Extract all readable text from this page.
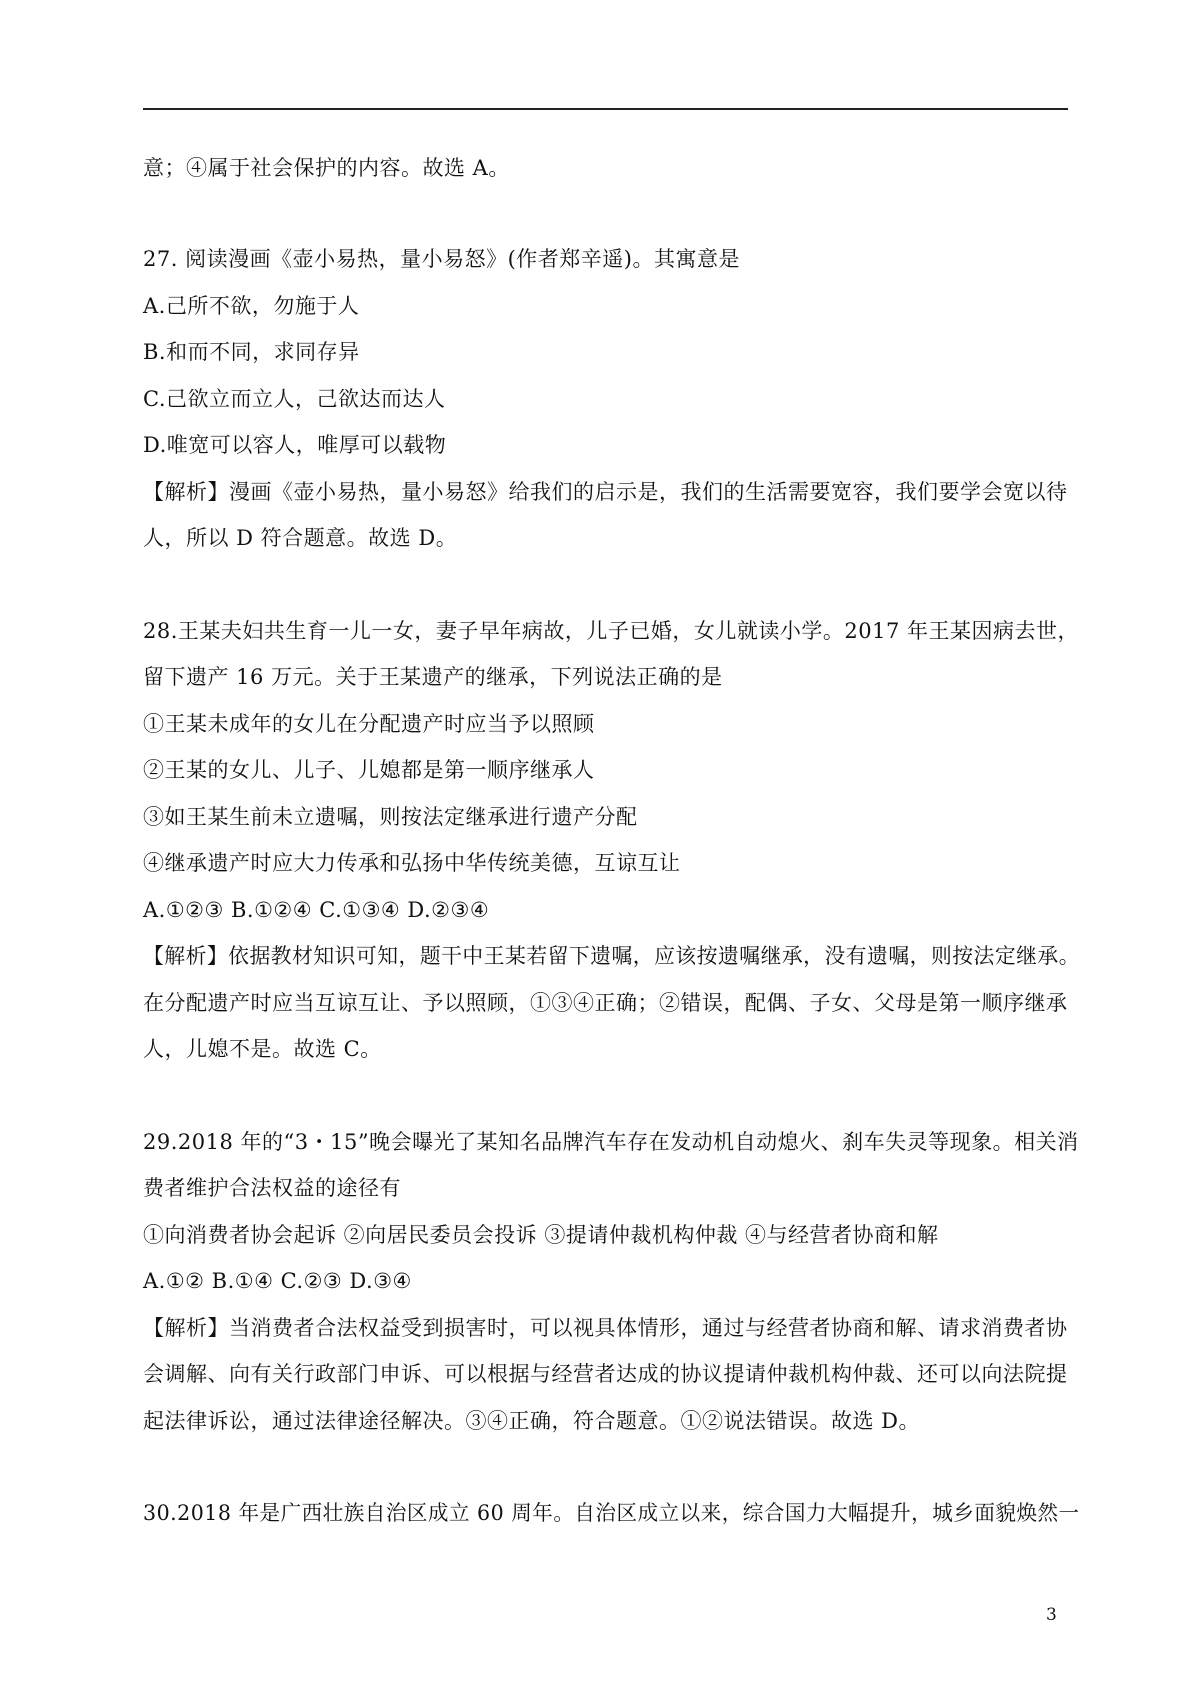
意；④属于社会保护的内容。故选 A。
27. 阅读漫画《壶小易热，量小易怒》(作者郑辛遥)。其寓意是
A.己所不欲，勿施于人
B.和而不同，求同存异
C.己欲立而立人，己欲达而达人
D.唯宽可以容人，唯厚可以载物
【解析】漫画《壶小易热，量小易怒》给我们的启示是，我们的生活需要宽容，我们要学会宽以待
人，所以 D 符合题意。故选 D。
28.王某夫妇共生育一儿一女，妻子早年病故，儿子已婚，女儿就读小学。2017 年王某因病去世，
留下遗产 16 万元。关于王某遗产的继承，下列说法正确的是
①王某未成年的女儿在分配遗产时应当予以照顾
②王某的女儿、儿子、儿媳都是第一顺序继承人
③如王某生前未立遗嘱，则按法定继承进行遗产分配
④继承遗产时应大力传承和弘扬中华传统美德，互谅互让
A.①②③ B.①②④ C.①③④ D.②③④
【解析】依据教材知识可知，题干中王某若留下遗嘱，应该按遗嘱继承，没有遗嘱，则按法定继承。
在分配遗产时应当互谅互让、予以照顾，①③④正确；②错误，配偶、子女、父母是第一顺序继承
人，儿媳不是。故选 C。
29.2018 年的“3・15”晚会曝光了某知名品牌汽车存在发动机自动熄火、刹车失灵等现象。相关消
费者维护合法权益的途径有
①向消费者协会起诉 ②向居民委员会投诉 ③提请仲裁机构仲裁 ④与经营者协商和解
A.①② B.①④ C.②③ D.③④
【解析】当消费者合法权益受到损害时，可以视具体情形，通过与经营者协商和解、请求消费者协
会调解、向有关行政部门申诉、可以根据与经营者达成的协议提请仲裁机构仲裁、还可以向法院提
起法律诉讼，通过法律途径解决。③④正确，符合题意。①②说法错误。故选 D。
30.2018 年是广西壮族自治区成立 60 周年。自治区成立以来，综合国力大幅提升，城乡面貌焕然一
3
